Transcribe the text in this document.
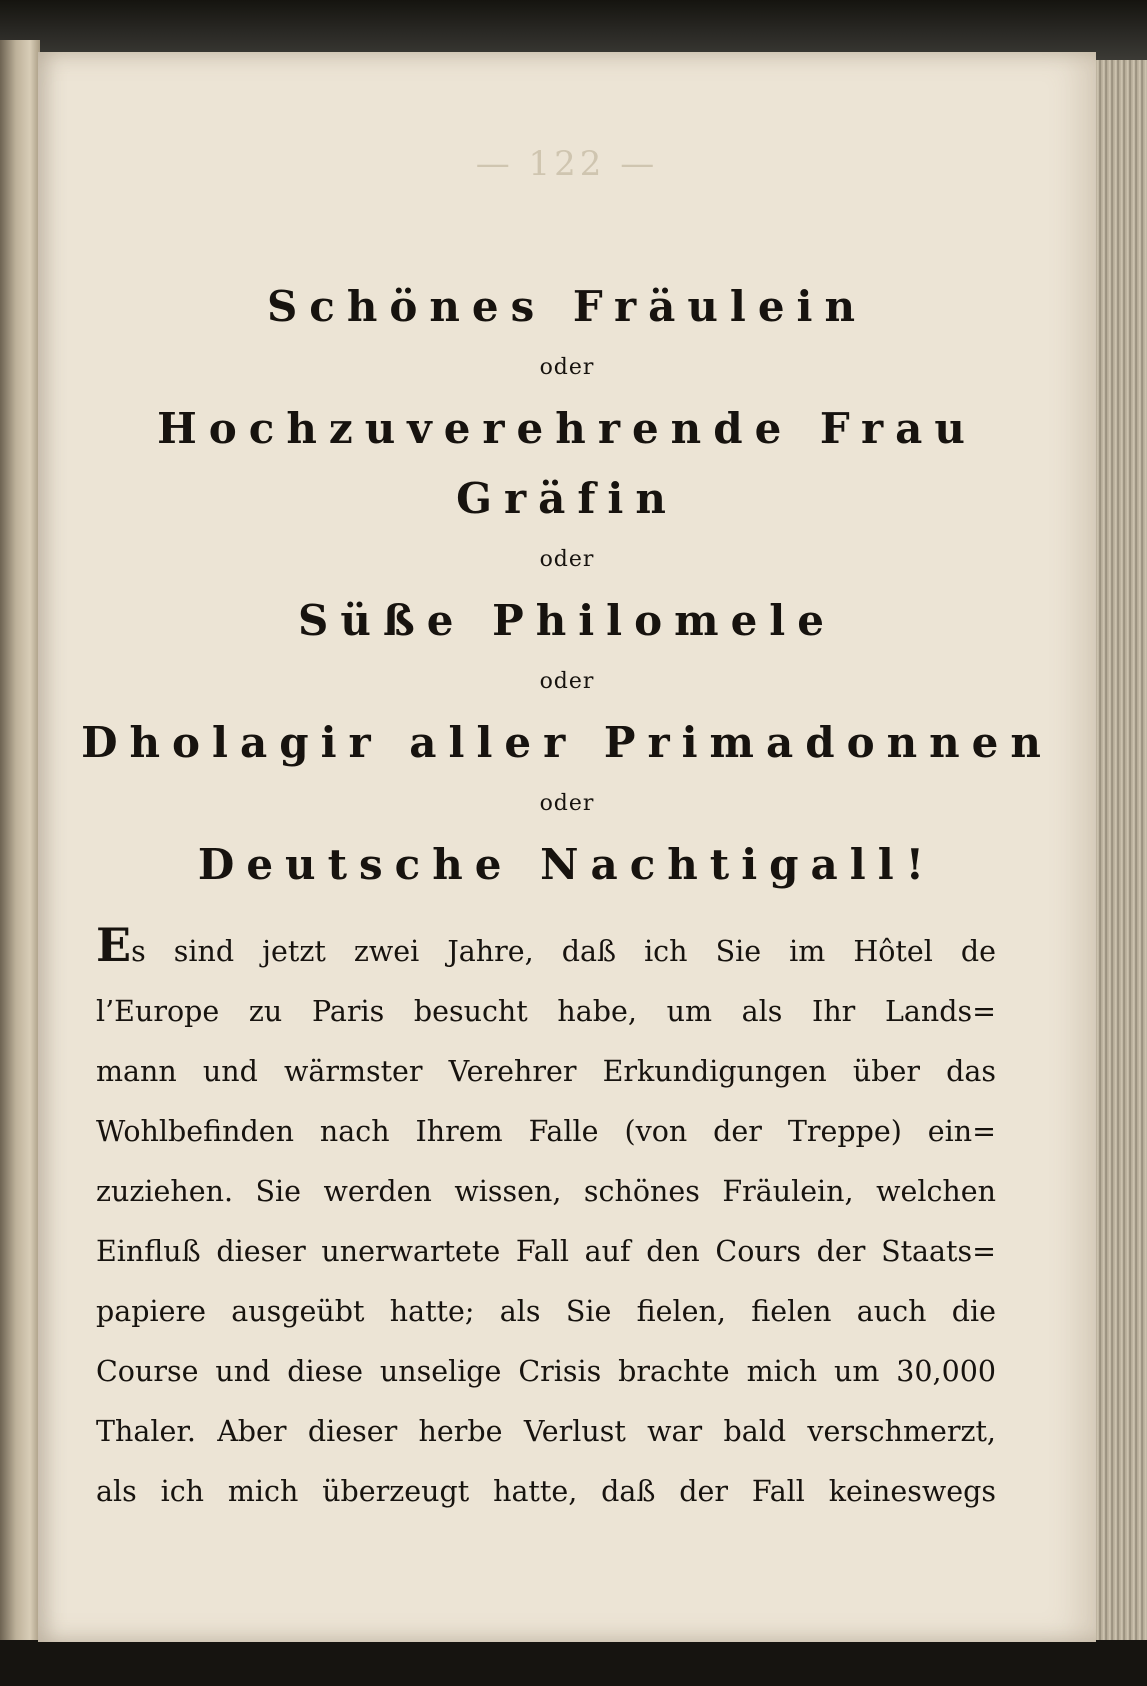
— 122 —
Schönes Fräulein
oder
Hochzuverehrende Frau Gräfin
oder
Süße Philomele
oder
Dholagir aller Primadonnen
oder
Deutsche Nachtigall!
Es sind jetzt zwei Jahre, daß ich Sie im Hôtel de
l’Europe zu Paris besucht habe, um als Ihr Lands=
mann und wärmster Verehrer Erkundigungen über das
Wohlbefinden nach Ihrem Falle (von der Treppe) ein=
zuziehen. Sie werden wissen, schönes Fräulein, welchen
Einfluß dieser unerwartete Fall auf den Cours der Staats=
papiere ausgeübt hatte; als Sie fielen, fielen auch die
Course und diese unselige Crisis brachte mich um 30,000
Thaler. Aber dieser herbe Verlust war bald verschmerzt,
als ich mich überzeugt hatte, daß der Fall keineswegs
